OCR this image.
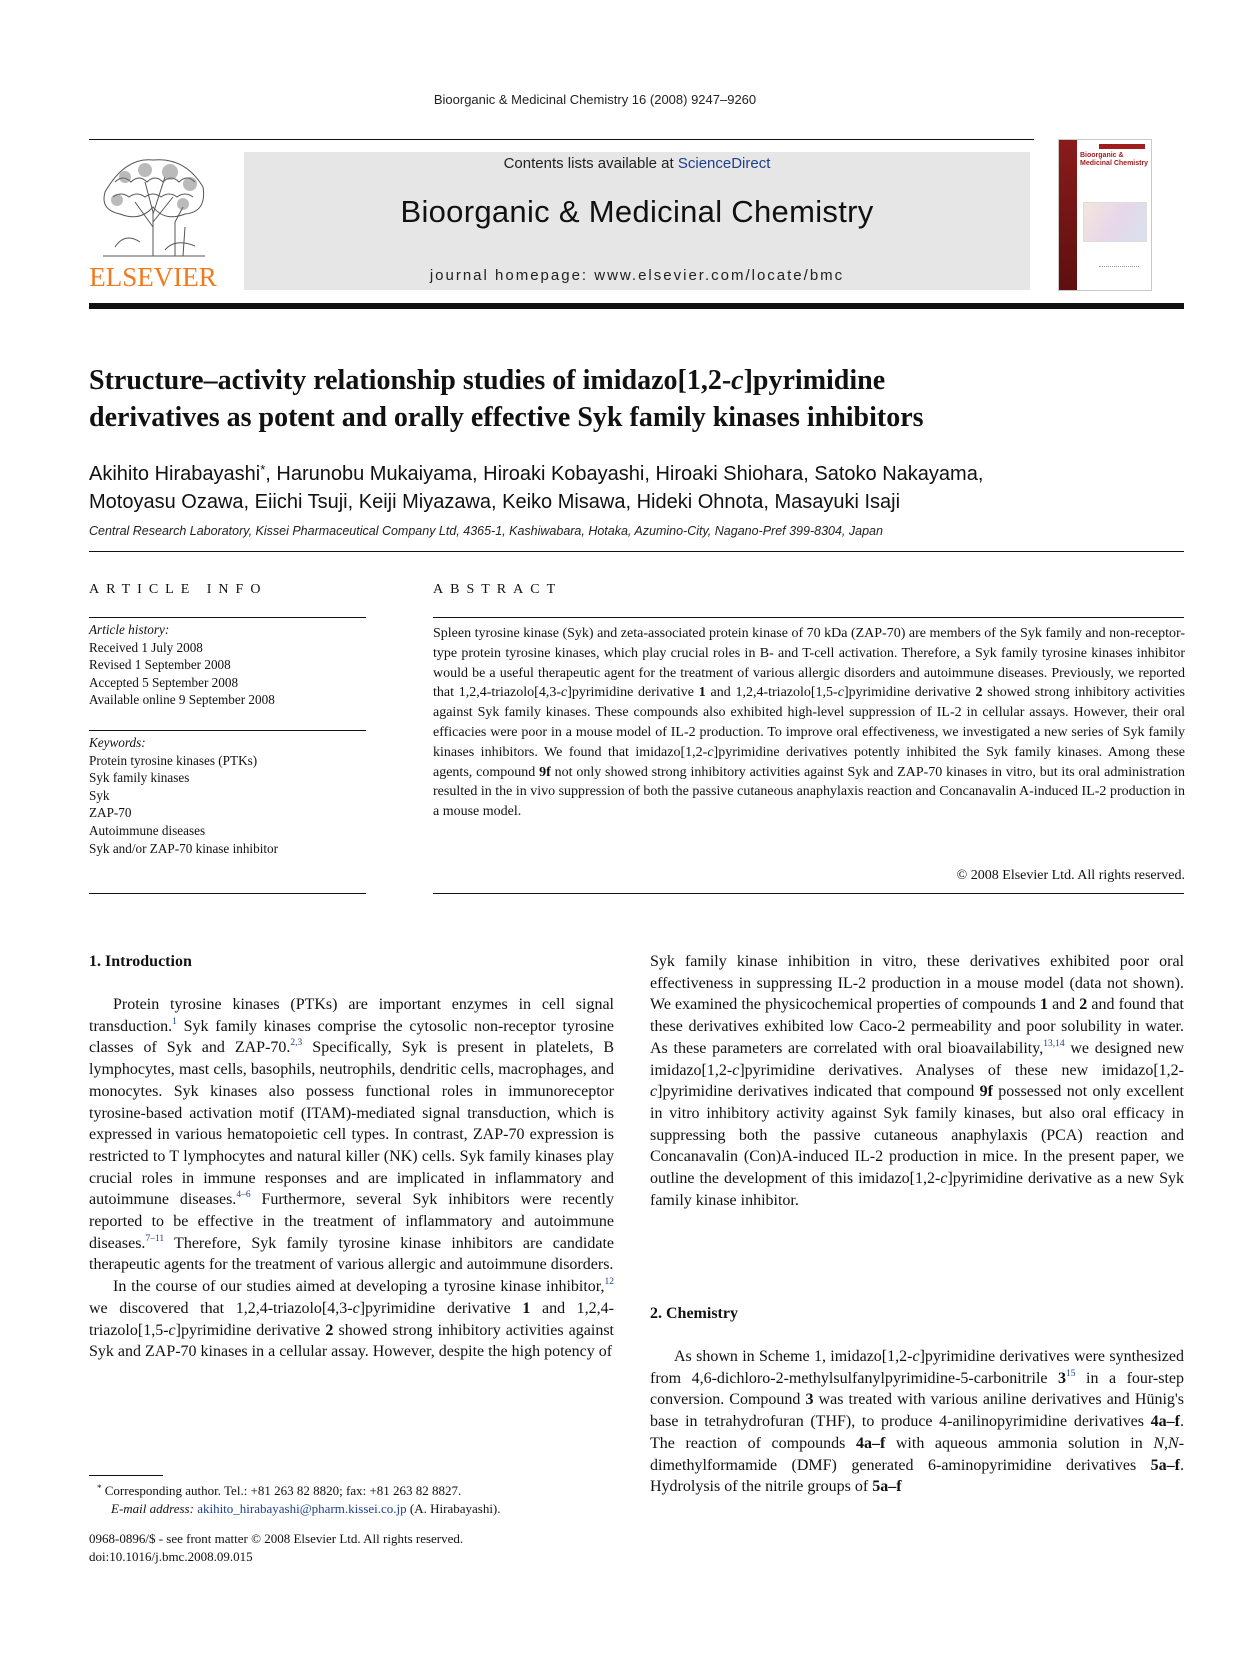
Bioorganic & Medicinal Chemistry 16 (2008) 9247–9260
ELSEVIER
Contents lists available at ScienceDirect
Bioorganic & Medicinal Chemistry
journal homepage: www.elsevier.com/locate/bmc
Bioorganic & Medicinal Chemistry
Structure–activity relationship studies of imidazo[1,2-c]pyrimidine
derivatives as potent and orally effective Syk family kinases inhibitors
Akihito Hirabayashi*, Harunobu Mukaiyama, Hiroaki Kobayashi, Hiroaki Shiohara, Satoko Nakayama,
Motoyasu Ozawa, Eiichi Tsuji, Keiji Miyazawa, Keiko Misawa, Hideki Ohnota, Masayuki Isaji
Central Research Laboratory, Kissei Pharmaceutical Company Ltd, 4365-1, Kashiwabara, Hotaka, Azumino-City, Nagano-Pref 399-8304, Japan
ARTICLE INFO
Article history:
Received 1 July 2008
Revised 1 September 2008
Accepted 5 September 2008
Available online 9 September 2008
Keywords:
Protein tyrosine kinases (PTKs)
Syk family kinases
Syk
ZAP-70
Autoimmune diseases
Syk and/or ZAP-70 kinase inhibitor
ABSTRACT
Spleen tyrosine kinase (Syk) and zeta-associated protein kinase of 70 kDa (ZAP-70) are members of the Syk family and non-receptor-type protein tyrosine kinases, which play crucial roles in B- and T-cell activation. Therefore, a Syk family tyrosine kinases inhibitor would be a useful therapeutic agent for the treatment of various allergic disorders and autoimmune diseases. Previously, we reported that 1,2,4-triazolo[4,3-c]pyrimidine derivative 1 and 1,2,4-triazolo[1,5-c]pyrimidine derivative 2 showed strong inhibitory activities against Syk family kinases. These compounds also exhibited high-level suppression of IL-2 in cellular assays. However, their oral efficacies were poor in a mouse model of IL-2 production. To improve oral effectiveness, we investigated a new series of Syk family kinases inhibitors. We found that imidazo[1,2-c]pyrimidine derivatives potently inhibited the Syk family kinases. Among these agents, compound 9f not only showed strong inhibitory activities against Syk and ZAP-70 kinases in vitro, but its oral administration resulted in the in vivo suppression of both the passive cutaneous anaphylaxis reaction and Concanavalin A-induced IL-2 production in a mouse model.
© 2008 Elsevier Ltd. All rights reserved.
1. Introduction

Protein tyrosine kinases (PTKs) are important enzymes in cell signal transduction.$^1$ Syk family kinases comprise the cytosolic non-receptor tyrosine classes of Syk and ZAP-70.$^{2,3}$ Specifically, Syk is present in platelets, B lymphocytes, mast cells, basophils, neutrophils, dendritic cells, macrophages, and monocytes. Syk kinases also possess functional roles in immunoreceptor tyrosine-based activation motif (ITAM)-mediated signal transduction, which is expressed in various hematopoietic cell types. In contrast, ZAP-70 expression is restricted to T lymphocytes and natural killer (NK) cells. Syk family kinases play crucial roles in immune responses and are implicated in inflammatory and autoimmune diseases.$^{4-6}$ Furthermore, several Syk inhibitors were recently reported to be effective in the treatment of inflammatory and autoimmune diseases.$^{7-11}$ Therefore, Syk family tyrosine kinase inhibitors are candidate therapeutic agents for the treatment of various allergic and autoimmune disorders.

In the course of our studies aimed at developing a tyrosine kinase inhibitor,$^{12}$ we discovered that 1,2,4-triazolo[4,3-c]pyrimidine derivative 1 and 1,2,4-triazolo[1,5-c]pyrimidine derivative 2 showed strong inhibitory activities against Syk and ZAP-70 kinases in a cellular assay. However, despite the high potency of

* Corresponding author. Tel.: +81 263 82 8820; fax: +81 263 82 8827.
E-mail address: akihito_hirabayashi@pharm.kissei.co.jp (A. Hirabayashi).
0968-0896/$ - see front matter © 2008 Elsevier Ltd. All rights reserved.
doi:10.1016/j.bmc.2008.09.015

Syk family kinase inhibition in vitro, these derivatives exhibited poor oral effectiveness in suppressing IL-2 production in a mouse model (data not shown). We examined the physicochemical properties of compounds 1 and 2 and found that these derivatives exhibited low Caco-2 permeability and poor solubility in water. As these parameters are correlated with oral bioavailability,$^{13,14}$ we designed new imidazo[1,2-c]pyrimidine derivatives. Analyses of these new imidazo[1,2-c]pyrimidine derivatives indicated that compound 9f possessed not only excellent in vitro inhibitory activity against Syk family kinases, but also oral efficacy in suppressing both the passive cutaneous anaphylaxis (PCA) reaction and Concanavalin (Con)A-induced IL-2 production in mice. In the present paper, we outline the development of this imidazo[1,2-c]pyrimidine derivative as a new Syk family kinase inhibitor.

2. Chemistry

As shown in Scheme 1, imidazo[1,2-c]pyrimidine derivatives were synthesized from 4,6-dichloro-2-methylsulfanylpyrimidine-5-carbonitrile $3^{15}$ in a four-step conversion. Compound 3 was treated with various aniline derivatives and Hünig's base in tetrahydrofuran (THF), to produce 4-anilinopyrimidine derivatives 4a–f. The reaction of compounds 4a–f with aqueous ammonia solution in N,N-dimethylformamide (DMF) generated 6-aminopyrimidine derivatives 5a–f. Hydrolysis of the nitrile groups of 5a–f
